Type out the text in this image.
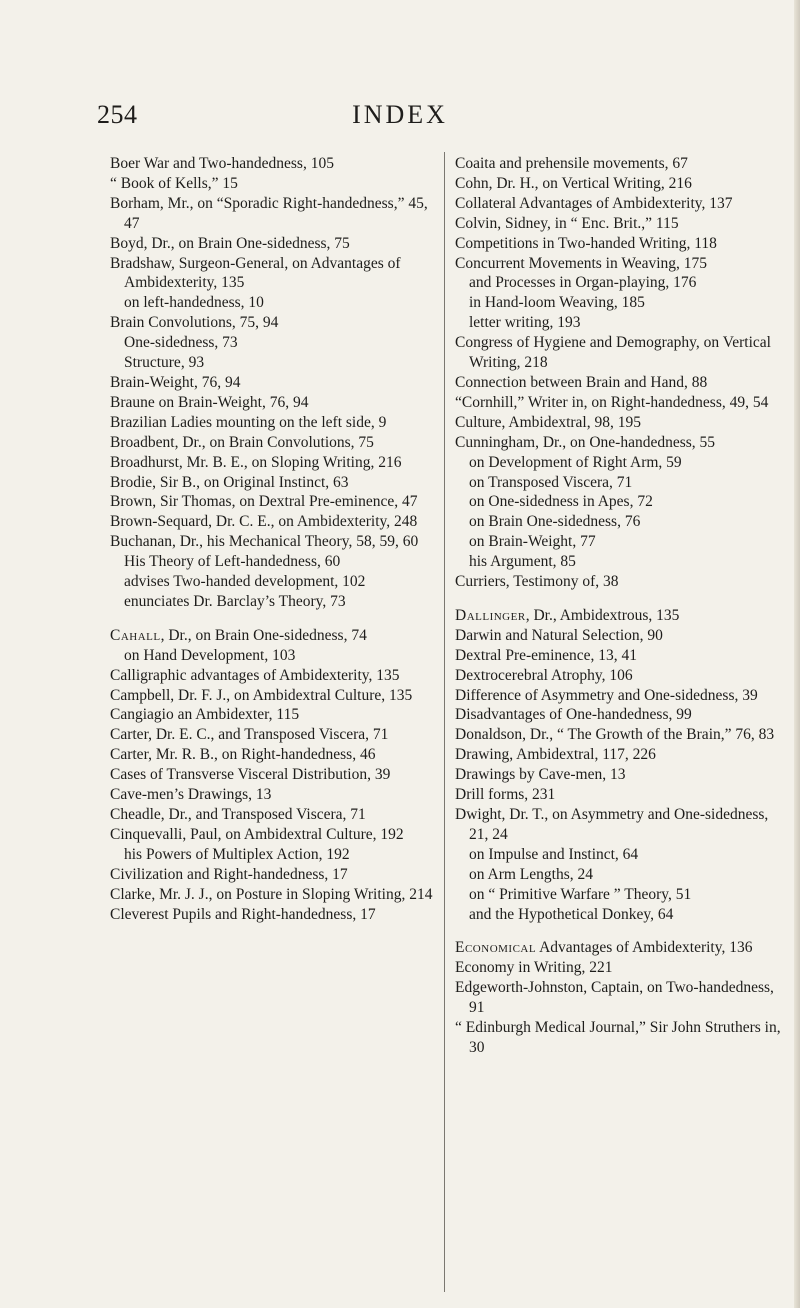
254	INDEX
Boer War and Two-handedness, 105
“ Book of Kells,” 15
Borham, Mr., on “Sporadic Right-handedness,” 45, 47
Boyd, Dr., on Brain One-sidedness, 75
Bradshaw, Surgeon-General, on Advantages of Ambidexterity, 135
on left-handedness, 10
Brain Convolutions, 75, 94
One-sidedness, 73
Structure, 93
Brain-Weight, 76, 94
Braune on Brain-Weight, 76, 94
Brazilian Ladies mounting on the left side, 9
Broadbent, Dr., on Brain Convolutions, 75
Broadhurst, Mr. B. E., on Sloping Writing, 216
Brodie, Sir B., on Original Instinct, 63
Brown, Sir Thomas, on Dextral Pre-eminence, 47
Brown-Sequard, Dr. C. E., on Ambidexterity, 248
Buchanan, Dr., his Mechanical Theory, 58, 59, 60
His Theory of Left-handedness, 60
advises Two-handed development, 102
enunciates Dr. Barclay’s Theory, 73
Cahall, Dr., on Brain One-sidedness, 74
on Hand Development, 103
Calligraphic advantages of Ambidexterity, 135
Campbell, Dr. F. J., on Ambidextral Culture, 135
Cangiagio an Ambidexter, 115
Carter, Dr. E. C., and Transposed Viscera, 71
Carter, Mr. R. B., on Right-handedness, 46
Cases of Transverse Visceral Distribution, 39
Cave-men’s Drawings, 13
Cheadle, Dr., and Transposed Viscera, 71
Cinquevalli, Paul, on Ambidextral Culture, 192
his Powers of Multiplex Action, 192
Civilization and Right-handedness, 17
Clarke, Mr. J. J., on Posture in Sloping Writing, 214
Cleverest Pupils and Right-handedness, 17
Coaita and prehensile movements, 67
Cohn, Dr. H., on Vertical Writing, 216
Collateral Advantages of Ambidexterity, 137
Colvin, Sidney, in “ Enc. Brit.,” 115
Competitions in Two-handed Writing, 118
Concurrent Movements in Weaving, 175
and Processes in Organ-playing, 176
in Hand-loom Weaving, 185
letter writing, 193
Congress of Hygiene and Demography, on Vertical Writing, 218
Connection between Brain and Hand, 88
“Cornhill,” Writer in, on Right-handedness, 49, 54
Culture, Ambidextral, 98, 195
Cunningham, Dr., on One-handedness, 55
on Development of Right Arm, 59
on Transposed Viscera, 71
on One-sidedness in Apes, 72
on Brain One-sidedness, 76
on Brain-Weight, 77
his Argument, 85
Curriers, Testimony of, 38
Dallinger, Dr., Ambidextrous, 135
Darwin and Natural Selection, 90
Dextral Pre-eminence, 13, 41
Dextrocerebral Atrophy, 106
Difference of Asymmetry and One-sidedness, 39
Disadvantages of One-handedness, 99
Donaldson, Dr., “ The Growth of the Brain,” 76, 83
Drawing, Ambidextral, 117, 226
Drawings by Cave-men, 13
Drill forms, 231
Dwight, Dr. T., on Asymmetry and One-sidedness, 21, 24
on Impulse and Instinct, 64
on Arm Lengths, 24
on “ Primitive Warfare ” Theory, 51
and the Hypothetical Donkey, 64
Economical Advantages of Ambidexterity, 136
Economy in Writing, 221
Edgeworth-Johnston, Captain, on Two-handedness, 91
“ Edinburgh Medical Journal,” Sir John Struthers in, 30
